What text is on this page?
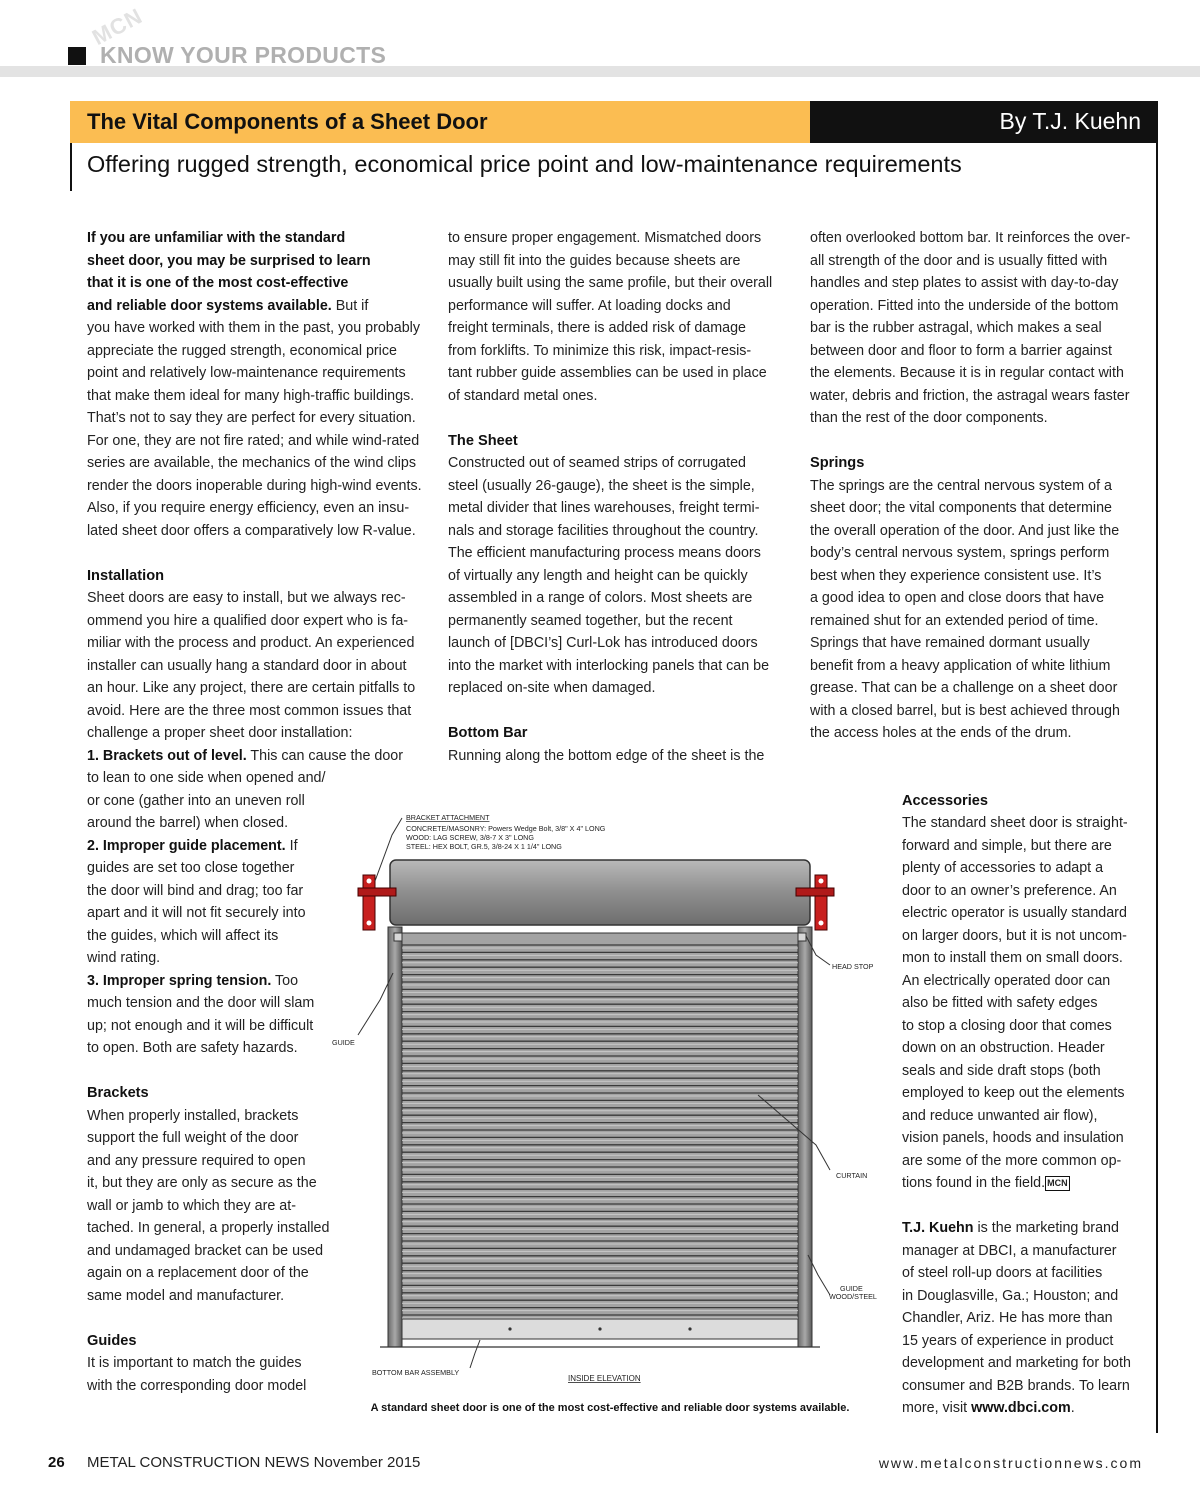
MCN
KNOW YOUR PRODUCTS
The Vital Components of a Sheet Door	By T.J. Kuehn
Offering rugged strength, economical price point and low-maintenance requirements

If you are unfamiliar with the standard

sheet door, you may be surprised to learn

that it is one of the most cost-effective

and reliable door systems available. But if

you have worked with them in the past, you probably

appreciate the rugged strength, economical price

point and relatively low-maintenance requirements

that make them ideal for many high-traffic buildings.

That’s not to say they are perfect for every situation.

For one, they are not fire rated; and while wind-rated

series are available, the mechanics of the wind clips

render the doors inoperable during high-wind events.

Also, if you require energy efficiency, even an insu-

lated sheet door offers a comparatively low R-value.

Installation

Sheet doors are easy to install, but we always rec-

ommend you hire a qualified door expert who is fa-

miliar with the process and product. An experienced

installer can usually hang a standard door in about

an hour. Like any project, there are certain pitfalls to

avoid. Here are the three most common issues that

challenge a proper sheet door installation:

1. Brackets out of level. This can cause the door

to lean to one side when opened and/

or cone (gather into an uneven roll

around the barrel) when closed.

2. Improper guide placement. If

guides are set too close together

the door will bind and drag; too far

apart and it will not fit securely into

the guides, which will affect its

wind rating.

3. Improper spring tension. Too

much tension and the door will slam

up; not enough and it will be difficult

to open. Both are safety hazards.

Brackets

When properly installed, brackets

support the full weight of the door

and any pressure required to open

it, but they are only as secure as the

wall or jamb to which they are at-

tached. In general, a properly installed

and undamaged bracket can be used

again on a replacement door of the

same model and manufacturer.

Guides

It is important to match the guides

with the corresponding door model

to ensure proper engagement. Mismatched doors

may still fit into the guides because sheets are

usually built using the same profile, but their overall

performance will suffer. At loading docks and

freight terminals, there is added risk of damage

from forklifts. To minimize this risk, impact-resis-

tant rubber guide assemblies can be used in place

of standard metal ones.

The Sheet

Constructed out of seamed strips of corrugated

steel (usually 26-gauge), the sheet is the simple,

metal divider that lines warehouses, freight termi-

nals and storage facilities throughout the country.

The efficient manufacturing process means doors

of virtually any length and height can be quickly

assembled in a range of colors. Most sheets are

permanently seamed together, but the recent

launch of [DBCI’s] Curl-Lok has introduced doors

into the market with interlocking panels that can be

replaced on-site when damaged.

Bottom Bar

Running along the bottom edge of the sheet is the

often overlooked bottom bar. It reinforces the over-

all strength of the door and is usually fitted with

handles and step plates to assist with day-to-day

operation. Fitted into the underside of the bottom

bar is the rubber astragal, which makes a seal

between door and floor to form a barrier against

the elements. Because it is in regular contact with

water, debris and friction, the astragal wears faster

than the rest of the door components.

Springs

The springs are the central nervous system of a

sheet door; the vital components that determine

the overall operation of the door. And just like the

body’s central nervous system, springs perform

best when they experience consistent use. It’s

a good idea to open and close doors that have

remained shut for an extended period of time.

Springs that have remained dormant usually

benefit from a heavy application of white lithium

grease. That can be a challenge on a sheet door

with a closed barrel, but is best achieved through

the access holes at the ends of the drum.

Accessories

The standard sheet door is straight-

forward and simple, but there are

plenty of accessories to adapt a

door to an owner’s preference. An

electric operator is usually standard

on larger doors, but it is not uncom-

mon to install them on small doors.

An electrically operated door can

also be fitted with safety edges

to stop a closing door that comes

down on an obstruction. Header

seals and side draft stops (both

employed to keep out the elements

and reduce unwanted air flow),

vision panels, hoods and insulation

are some of the more common op-

tions found in the field. MCN

T.J. Kuehn is the marketing brand

manager at DBCI, a manufacturer

of steel roll-up doors at facilities

in Douglasville, Ga.; Houston; and

Chandler, Ariz. He has more than

15 years of experience in product

development and marketing for both

consumer and B2B brands. To learn

more, visit www.dbci.com.

BRACKET ATTACHMENT
CONCRETE/MASONRY: Powers Wedge Bolt, 3/8" X 4" LONG
WOOD: LAG SCREW, 3/8-7 X 3" LONG
STEEL: HEX BOLT, GR.5, 3/8-24 X 1 1/4" LONG
HEAD STOP
GUIDE
CURTAIN
GUIDE
WOOD/STEEL
BOTTOM BAR ASSEMBLY
INSIDE ELEVATION
A standard sheet door is one of the most cost-effective and reliable door systems available.
26 METAL CONSTRUCTION NEWS November 2015	www.metalconstructionnews.com
